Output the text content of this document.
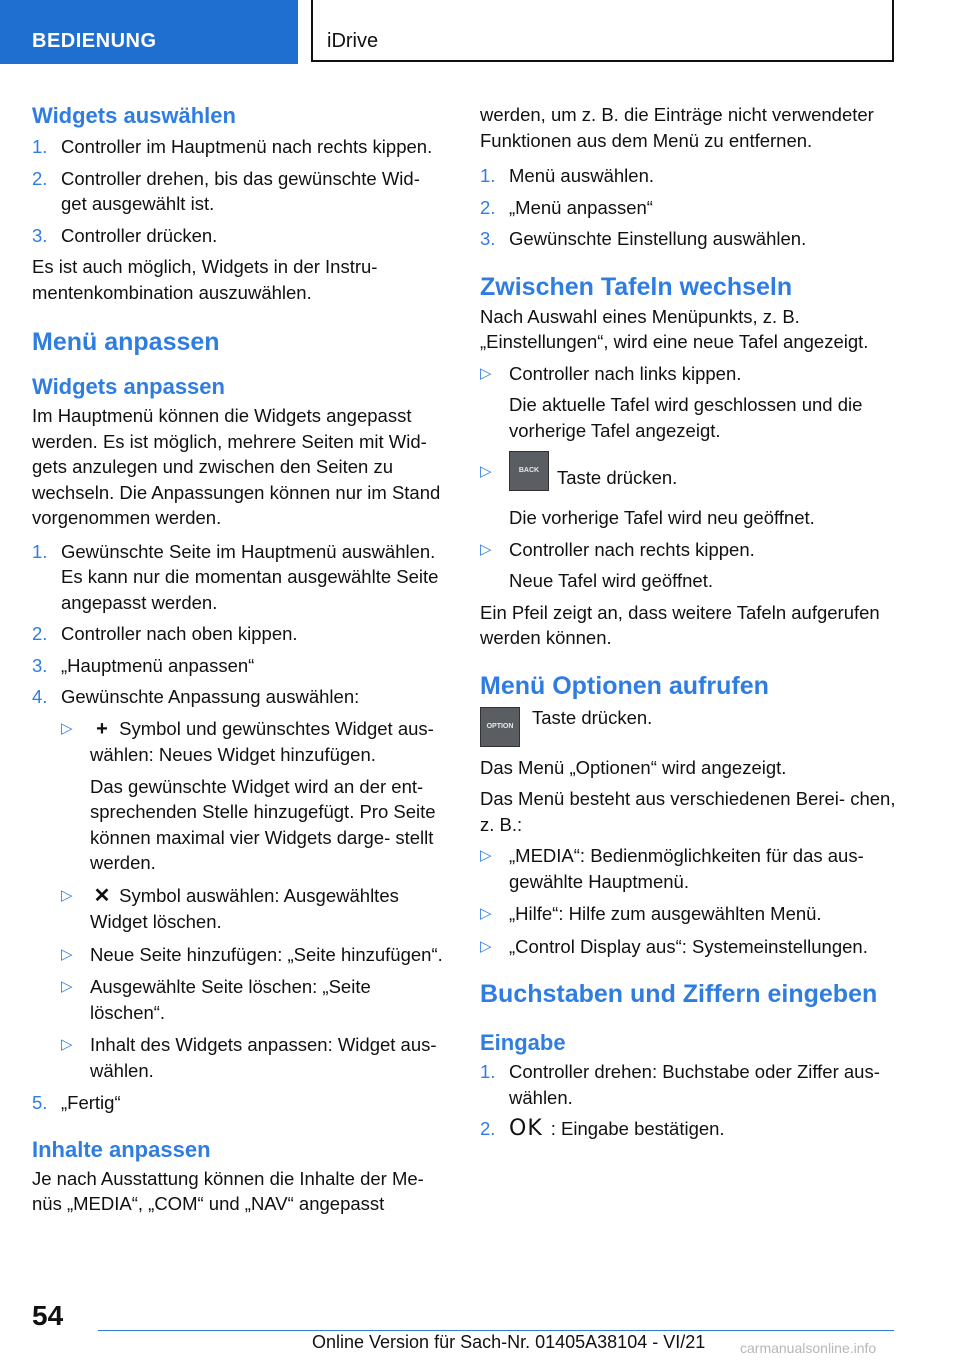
BEDIENUNG	iDrive
Widgets auswählen
1. Controller im Hauptmenü nach rechts kippen.
2. Controller drehen, bis das gewünschte Wid‐ get ausgewählt ist.
3. Controller drücken.

Es ist auch möglich, Widgets in der Instru‐ mentenkombination auszuwählen.

Menü anpassen
Widgets anpassen

Im Hauptmenü können die Widgets angepasst werden. Es ist möglich, mehrere Seiten mit Wid‐ gets anzulegen und zwischen den Seiten zu wechseln. Die Anpassungen können nur im Stand vorgenommen werden.

1. Gewünschte Seite im Hauptmenü auswählen. Es kann nur die momentan ausgewählte Seite angepasst werden.
2. Controller nach oben kippen.
3. „Hauptmenü anpassen“
4. Gewünschte Anpassung auswählen:
▷ + Symbol und gewünschtes Widget aus‐ wählen: Neues Widget hinzufügen.

Das gewünschte Widget wird an der ent‐ sprechenden Stelle hinzugefügt. Pro Seite können maximal vier Widgets darge‐ stellt werden.

▷ ✕ Symbol auswählen: Ausgewähltes Widget löschen.
▷ Neue Seite hinzufügen: „Seite hinzufügen“.
▷ Ausgewählte Seite löschen: „Seite löschen“.
▷ Inhalt des Widgets anpassen: Widget aus‐ wählen.
5. „Fertig“
Inhalte anpassen

Je nach Ausstattung können die Inhalte der Me‐ nüs „MEDIA“, „COM“ und „NAV“ angepasst

werden, um z. B. die Einträge nicht verwendeter Funktionen aus dem Menü zu entfernen.

1. Menü auswählen.
2. „Menü anpassen“
3. Gewünschte Einstellung auswählen.
Zwischen Tafeln wechseln

Nach Auswahl eines Menüpunkts, z. B. „Einstellungen“, wird eine neue Tafel angezeigt.

▷ Controller nach links kippen.

Die aktuelle Tafel wird geschlossen und die vorherige Tafel angezeigt.

▷	BACK Taste drücken.

Die vorherige Tafel wird neu geöffnet.

▷ Controller nach rechts kippen.

Neue Tafel wird geöffnet.

Ein Pfeil zeigt an, dass weitere Tafeln aufgerufen werden können.

Menü Optionen aufrufen
OPTION	Taste drücken.

Das Menü „Optionen“ wird angezeigt.

Das Menü besteht aus verschiedenen Berei‐ chen, z. B.:

▷ „MEDIA“: Bedienmöglichkeiten für das aus‐ gewählte Hauptmenü.
▷ „Hilfe“: Hilfe zum ausgewählten Menü.
▷ „Control Display aus“: Systemeinstellungen.
Buchstaben und Ziffern eingeben
Eingabe
1. Controller drehen: Buchstabe oder Ziffer aus‐ wählen.
2. OK : Eingabe bestätigen.
54
Online Version für Sach-Nr. 01405A38104 - VI/21 carmanualsonline.info
